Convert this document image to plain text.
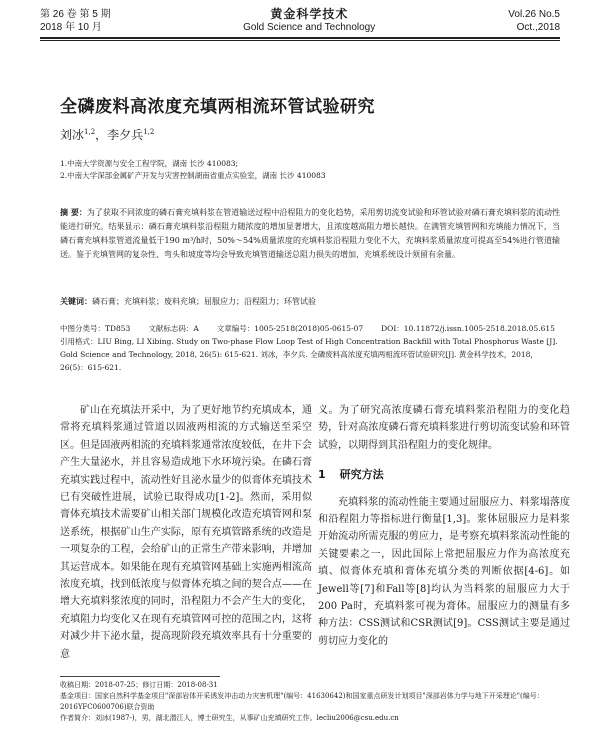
第 26 卷 第 5 期	黄金科学技术	Vol.26 No.5
2018 年 10 月	Gold Science and Technology	Oct.,2018
全磷废料高浓度充填两相流环管试验研究
刘冰$^{1,2}$，李夕兵$^{1,2}$
1.中南大学资源与安全工程学院，湖南 长沙 410083;
2.中南大学深部金属矿产开发与灾害控制湖南省重点实验室，湖南 长沙 410083
摘 要：为了获取不同浓度的磷石膏充填料浆在管道输送过程中沿程阻力的变化趋势，采用剪切流变试验和环管试验对磷石膏充填料浆的流动性能进行研究。结果显示：磷石膏充填料浆沿程阻力随浓度的增加显著增大，且浓度越高阻力增长越快。在满管充填管网和充填能力情况下，当磷石膏充填料浆管道流量低于190 m³/h时，50%～54%质量浓度的充填料浆沿程阻力变化不大，充填料浆质量浓度可提高至54%进行管道输送。鉴于充填管网的复杂性、弯头和坡度等均会导致充填管道输送总阻力损失的增加，充填系统设计须留有余量。
关键词：磷石膏；充填料浆；废料充填；屈服应力；沿程阻力；环管试验
中图分类号：TD853 文献标志码：A 文章编号：1005-2518(2018)05-0615-07 DOI：10.11872/j.issn.1005-2518.2018.05.615
引用格式：LIU Bing, LI Xibing. Study on Two-phase Flow Loop Test of High Concentration Backfill with Total Phosphorus Waste [J]. Gold Science and Technology, 2018, 26(5): 615-621. 刘冰，李夕兵. 全磷废料高浓度充填两相流环管试验研究[J]. 黄金科学技术，2018，26(5)：615-621.

矿山在充填法开采中，为了更好地节约充填成本，通常将充填料浆通过管道以固液两相流的方式输送至采空区。但是固液两相流的充填料浆通常浓度较低，在井下会产生大量泌水，并且容易造成地下水环境污染。在磷石膏充填实践过程中，流动性好且泌水量少的似膏体充填技术已有突破性进展，试验已取得成功[1-2]。然而，采用似膏体充填技术需要矿山相关部门规模化改造充填管网和泵送系统，根据矿山生产实际，原有充填管路系统的改造是一项复杂的工程，会给矿山的正常生产带来影响，并增加其运营成本。如果能在现有充填管网基础上实施两相流高浓度充填，找到低浓度与似膏体充填之间的契合点——在增大充填料浆浓度的同时，沿程阻力不会产生大的变化，充填阻力均变化又在现有充填管网可控的范围之内，这将对减少井下泌水量，提高现阶段充填效率具有十分重要的意

义。为了研究高浓度磷石膏充填料浆沿程阻力的变化趋势，针对高浓度磷石膏充填料浆进行剪切流变试验和环管试验，以期得到其沿程阻力的变化规律。

1 研究方法

充填料浆的流动性能主要通过屈服应力、料浆塌落度和沿程阻力等指标进行衡量[1,3]。浆体屈服应力是料浆开始流动所需克服的剪应力，是考察充填料浆流动性能的关键要素之一，因此国际上常把屈服应力作为高浓度充填、似膏体充填和膏体充填分类的判断依据[4-6]。如Jewell等[7]和Fall等[8]均认为当料浆的屈服应力大于200 Pa时，充填料浆可视为膏体。屈服应力的测量有多种方法：CSS测试和CSR测试[9]。CSS测试主要是通过剪切应力变化的

收稿日期：2018-07-25；修订日期：2018-08-31
基金项目：国家自然科学基金项目"深部岩体开采诱发冲击动力灾害机理"(编号：41630642)和国家重点研发计划项目"深部岩体力学与地下开采理论"(编号：2016YFC0600706)联合资助
作者简介：刘冰(1987-)，男，湖北潜江人，博士研究生，从事矿山充填研究工作。lecliu2006@csu.edu.cn
